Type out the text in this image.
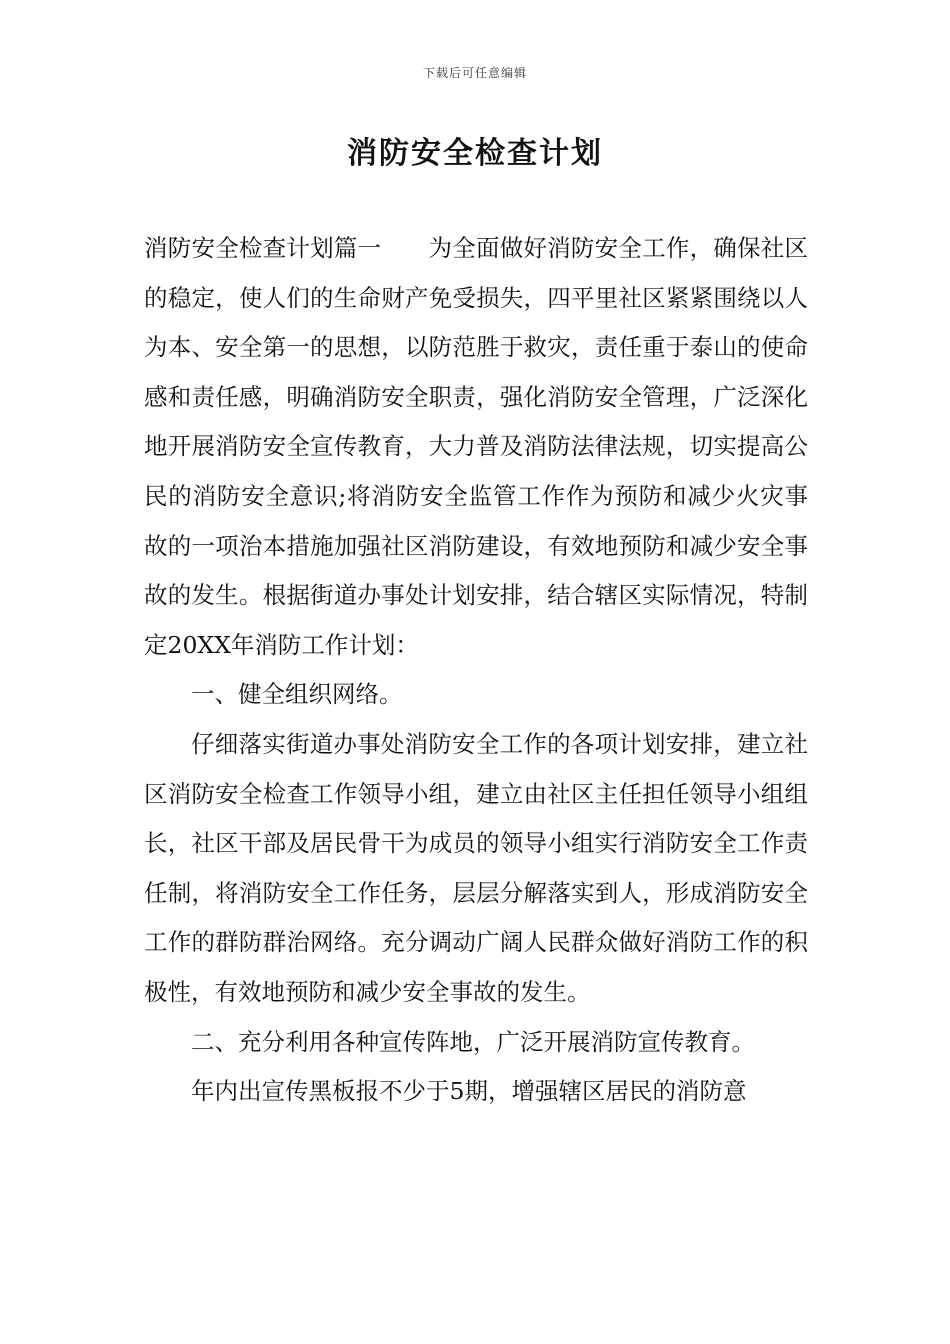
下载后可任意编辑
消防安全检查计划

消防安全检查计划篇一 为全面做好消防安全工作，确保社区的稳定，使人们的生命财产免受损失，四平里社区紧紧围绕以人为本、安全第一的思想，以防范胜于救灾，责任重于泰山的使命感和责任感，明确消防安全职责，强化消防安全管理，广泛深化地开展消防安全宣传教育，大力普及消防法律法规，切实提高公民的消防安全意识;将消防安全监管工作作为预防和减少火灾事故的一项治本措施加强社区消防建设，有效地预防和减少安全事故的发生。根据街道办事处计划安排，结合辖区实际情况，特制定20XX年消防工作计划：

一、健全组织网络。

仔细落实街道办事处消防安全工作的各项计划安排，建立社区消防安全检查工作领导小组，建立由社区主任担任领导小组组长，社区干部及居民骨干为成员的领导小组实行消防安全工作责任制，将消防安全工作任务，层层分解落实到人，形成消防安全工作的群防群治网络。充分调动广阔人民群众做好消防工作的积极性，有效地预防和减少安全事故的发生。

二、充分利用各种宣传阵地，广泛开展消防宣传教育。

年内出宣传黑板报不少于5期，增强辖区居民的消防意
